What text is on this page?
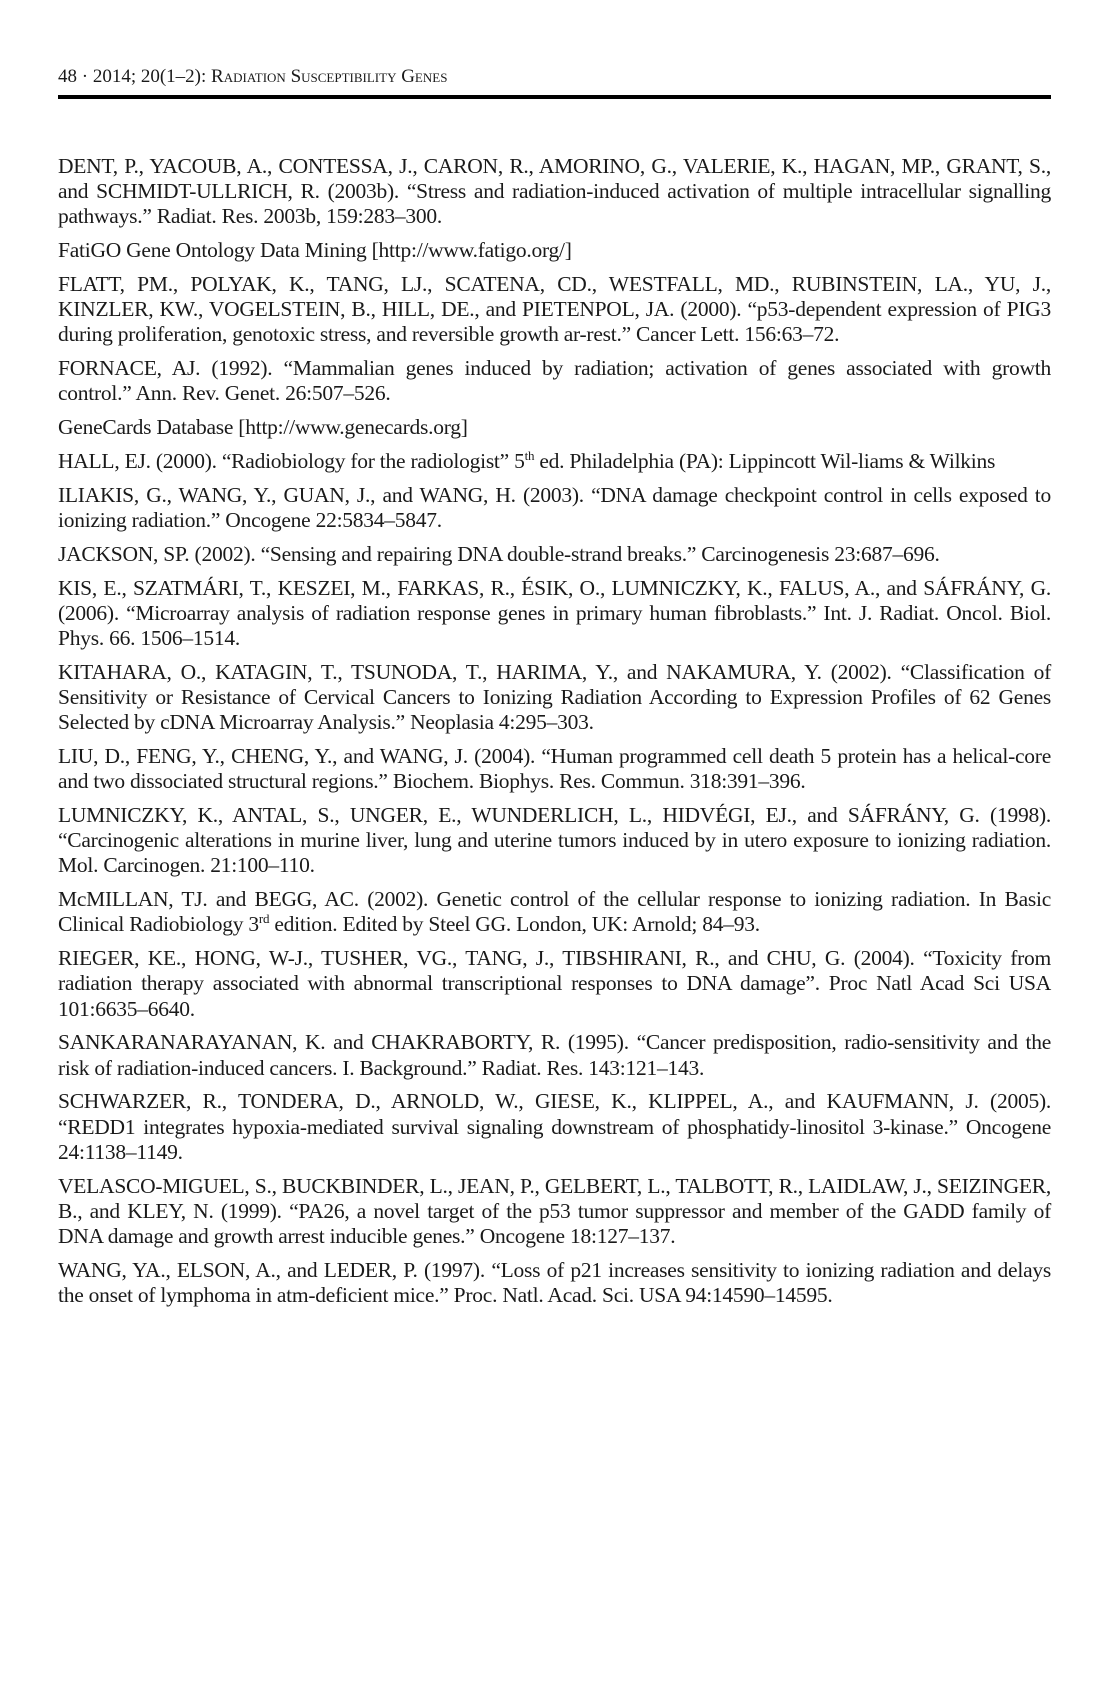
48 · 2014; 20(1–2): Radiation Susceptibility Genes

DENT, P., YACOUB, A., CONTESSA, J., CARON, R., AMORINO, G., VALERIE, K., HAGAN, MP., GRANT, S., and SCHMIDT-ULLRICH, R. (2003b). “Stress and radiation-induced activation of multiple intracellular signalling pathways.” Radiat. Res. 2003b, 159:283–300.

FatiGO Gene Ontology Data Mining [http://www.fatigo.org/]

FLATT, PM., POLYAK, K., TANG, LJ., SCATENA, CD., WESTFALL, MD., RUBINSTEIN, LA., YU, J., KINZLER, KW., VOGELSTEIN, B., HILL, DE., and PIETENPOL, JA. (2000). “p53-dependent expression of PIG3 during proliferation, genotoxic stress, and reversible growth ar-rest.” Cancer Lett. 156:63–72.

FORNACE, AJ. (1992). “Mammalian genes induced by radiation; activation of genes associated with growth control.” Ann. Rev. Genet. 26:507–526.

GeneCards Database [http://www.genecards.org]

HALL, EJ. (2000). “Radiobiology for the radiologist” 5th ed. Philadelphia (PA): Lippincott Wil-liams & Wilkins

ILIAKIS, G., WANG, Y., GUAN, J., and WANG, H. (2003). “DNA damage checkpoint control in cells exposed to ionizing radiation.” Oncogene 22:5834–5847.

JACKSON, SP. (2002). “Sensing and repairing DNA double-strand breaks.” Carcinogenesis 23:687–696.

KIS, E., SZATMÁRI, T., KESZEI, M., FARKAS, R., ÉSIK, O., LUMNICZKY, K., FALUS, A., and SÁFRÁNY, G. (2006). “Microarray analysis of radiation response genes in primary human fibroblasts.” Int. J. Radiat. Oncol. Biol. Phys. 66. 1506–1514.

KITAHARA, O., KATAGIN, T., TSUNODA, T., HARIMA, Y., and NAKAMURA, Y. (2002). “Classification of Sensitivity or Resistance of Cervical Cancers to Ionizing Radiation According to Expression Profiles of 62 Genes Selected by cDNA Microarray Analysis.” Neoplasia 4:295–303.

LIU, D., FENG, Y., CHENG, Y., and WANG, J. (2004). “Human programmed cell death 5 protein has a helical-core and two dissociated structural regions.” Biochem. Biophys. Res. Commun. 318:391–396.

LUMNICZKY, K., ANTAL, S., UNGER, E., WUNDERLICH, L., HIDVÉGI, EJ., and SÁFRÁNY, G. (1998). “Carcinogenic alterations in murine liver, lung and uterine tumors induced by in utero exposure to ionizing radiation. Mol. Carcinogen. 21:100–110.

McMILLAN, TJ. and BEGG, AC. (2002). Genetic control of the cellular response to ionizing radiation. In Basic Clinical Radiobiology 3rd edition. Edited by Steel GG. London, UK: Arnold; 84–93.

RIEGER, KE., HONG, W-J., TUSHER, VG., TANG, J., TIBSHIRANI, R., and CHU, G. (2004). “Toxicity from radiation therapy associated with abnormal transcriptional responses to DNA damage”. Proc Natl Acad Sci USA 101:6635–6640.

SANKARANARAYANAN, K. and CHAKRABORTY, R. (1995). “Cancer predisposition, radio-sensitivity and the risk of radiation-induced cancers. I. Background.” Radiat. Res. 143:121–143.

SCHWARZER, R., TONDERA, D., ARNOLD, W., GIESE, K., KLIPPEL, A., and KAUFMANN, J. (2005). “REDD1 integrates hypoxia-mediated survival signaling downstream of phosphatidy-linositol 3-kinase.” Oncogene 24:1138–1149.

VELASCO-MIGUEL, S., BUCKBINDER, L., JEAN, P., GELBERT, L., TALBOTT, R., LAIDLAW, J., SEIZINGER, B., and KLEY, N. (1999). “PA26, a novel target of the p53 tumor suppressor and member of the GADD family of DNA damage and growth arrest inducible genes.” Oncogene 18:127–137.

WANG, YA., ELSON, A., and LEDER, P. (1997). “Loss of p21 increases sensitivity to ionizing radiation and delays the onset of lymphoma in atm-deficient mice.” Proc. Natl. Acad. Sci. USA 94:14590–14595.
